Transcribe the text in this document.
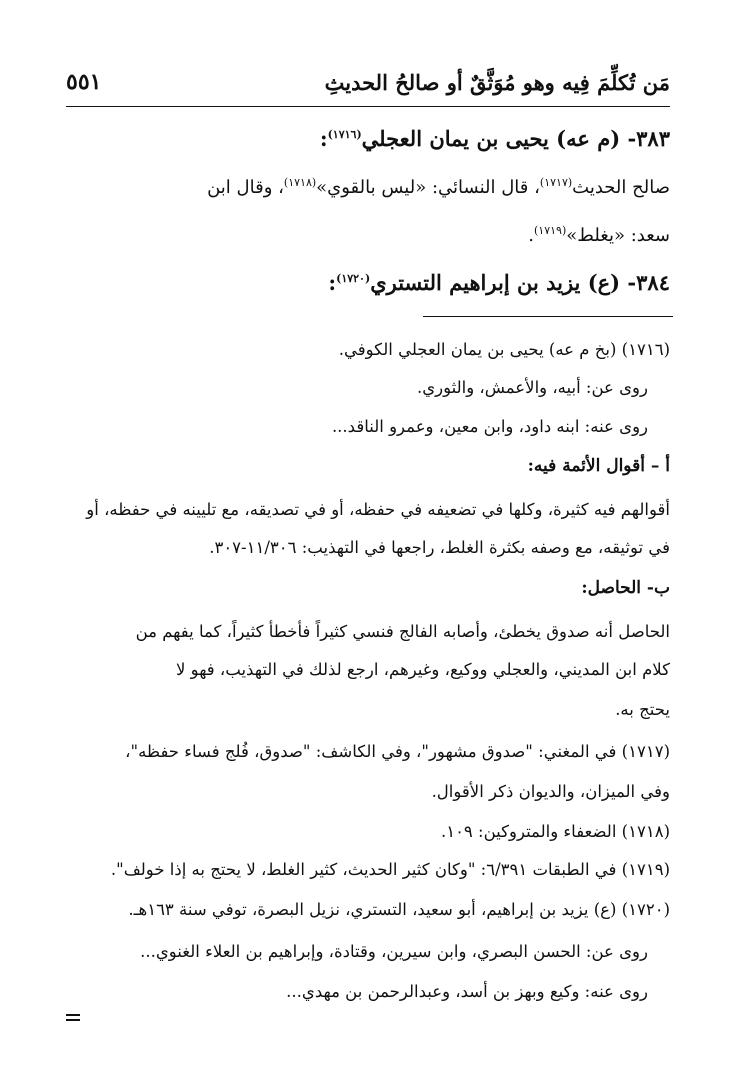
٥٥١	مَن تُكلِّمَ فِيه وهو مُوَثَّقٌ أو صالحُ الحديثِ
٣٨٣- (م عه) يحيى بن يمان العجلي$^{(١٧١٦)}$:
صالح الحديث$^{(١٧١٧)}$، قال النسائي: «ليس بالقوي»$^{(١٧١٨)}$، وقال ابن
سعد: «يغلط»$^{(١٧١٩)}$.
٣٨٤- (ع) يزيد بن إبراهيم التستري$^{(١٧٢٠)}$:
(١٧١٦) (بخ م عه) يحيى بن يمان العجلي الكوفي.
روى عن: أبيه، والأعمش، والثوري.
روى عنه: ابنه داود، وابن معين، وعمرو الناقد...
أ – أقوال الأئمة فيه:
أقوالهم فيه كثيرة، وكلها في تضعيفه في حفظه، أو في تصديقه، مع تليينه في حفظه، أو
في توثيقه، مع وصفه بكثرة الغلط، راجعها في التهذيب: ١١/٣٠٦-٣٠٧.
ب- الحاصل:
الحاصل أنه صدوق يخطئ، وأصابه الفالج فنسي كثيراً فأخطأ كثيراً، كما يفهم من
كلام ابن المديني، والعجلي ووكيع، وغيرهم، ارجع لذلك في التهذيب، فهو لا
يحتج به.
(١٧١٧) في المغني: "صدوق مشهور"، وفي الكاشف: "صدوق، فُلج فساء حفظه"،
وفي الميزان، والديوان ذكر الأقوال.
(١٧١٨) الضعفاء والمتروكين: ١٠٩.
(١٧١٩) في الطبقات ٦/٣٩١: "وكان كثير الحديث، كثير الغلط، لا يحتج به إذا خولف".
(١٧٢٠) (ع) يزيد بن إبراهيم، أبو سعيد، التستري، نزيل البصرة، توفي سنة ١٦٣هـ.
روى عن: الحسن البصري، وابن سيرين، وقتادة، وإبراهيم بن العلاء الغنوي...
روى عنه: وكيع وبهز بن أسد، وعبدالرحمن بن مهدي...
